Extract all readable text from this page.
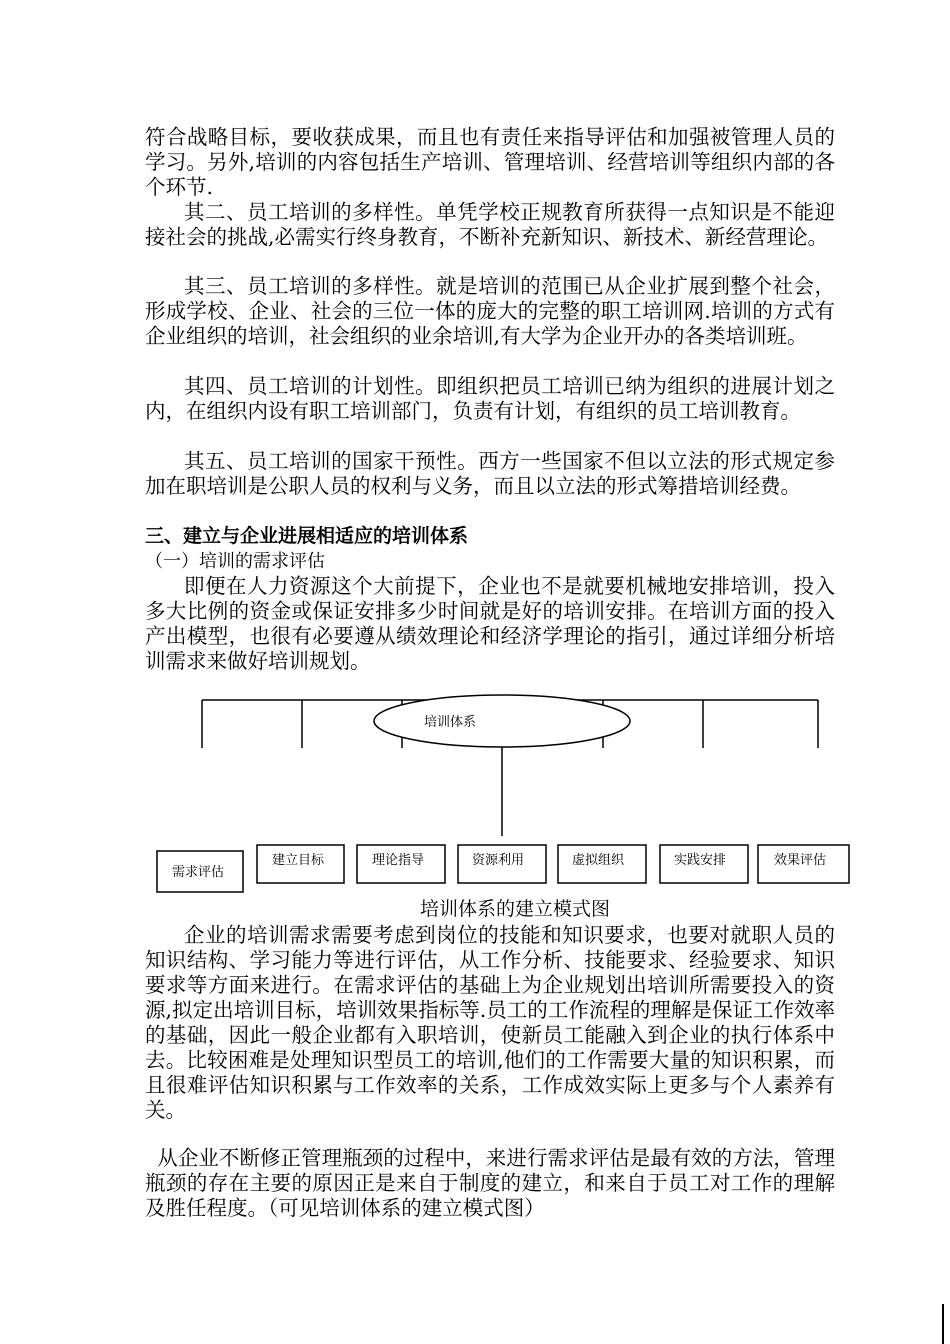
符合战略目标，要收获成果，而且也有责任来指导评估和加强被管理人员的学习。另外,培训的内容包括生产培训、管理培训、经营培训等组织内部的各个环节.

其二、员工培训的多样性。单凭学校正规教育所获得一点知识是不能迎接社会的挑战,必需实行终身教育，不断补充新知识、新技术、新经营理论。

其三、员工培训的多样性。就是培训的范围已从企业扩展到整个社会，形成学校、企业、社会的三位一体的庞大的完整的职工培训网.培训的方式有企业组织的培训，社会组织的业余培训,有大学为企业开办的各类培训班。

其四、员工培训的计划性。即组织把员工培训已纳为组织的进展计划之内，在组织内设有职工培训部门，负责有计划，有组织的员工培训教育。

其五、员工培训的国家干预性。西方一些国家不但以立法的形式规定参加在职培训是公职人员的权利与义务，而且以立法的形式筹措培训经费。

三、建立与企业进展相适应的培训体系

（一）培训的需求评估

即便在人力资源这个大前提下，企业也不是就要机械地安排培训，投入多大比例的资金或保证安排多少时间就是好的培训安排。在培训方面的投入产出模型，也很有必要遵从绩效理论和经济学理论的指引，通过详细分析培训需求来做好培训规划。

培训体系
需求评估
建立目标	理论指导	资源利用	虚拟组织	实践安排	效果评估

培训体系的建立模式图

企业的培训需求需要考虑到岗位的技能和知识要求，也要对就职人员的知识结构、学习能力等进行评估，从工作分析、技能要求、经验要求、知识要求等方面来进行。在需求评估的基础上为企业规划出培训所需要投入的资源,拟定出培训目标，培训效果指标等.员工的工作流程的理解是保证工作效率的基础，因此一般企业都有入职培训，使新员工能融入到企业的执行体系中去。比较困难是处理知识型员工的培训,他们的工作需要大量的知识积累，而且很难评估知识积累与工作效率的关系，工作成效实际上更多与个人素养有关。

从企业不断修正管理瓶颈的过程中，来进行需求评估是最有效的方法，管理瓶颈的存在主要的原因正是来自于制度的建立，和来自于员工对工作的理解及胜任程度。（可见培训体系的建立模式图）
